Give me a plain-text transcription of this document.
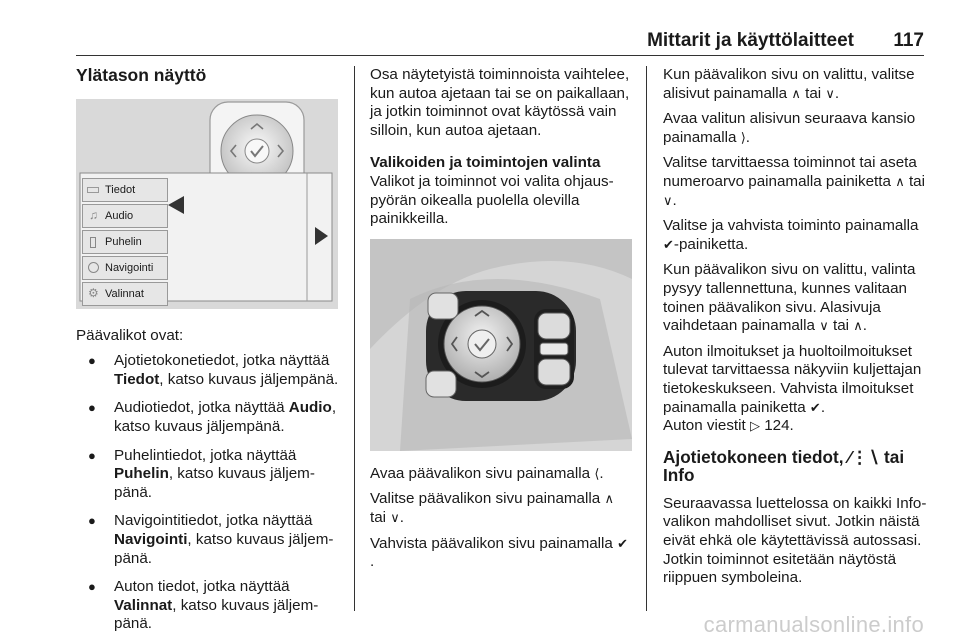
Mittarit ja käyttölaitteet 117
Ylätason näyttö
Tiedot
♫ Audio
Puhelin
Navigointi
⚙ Valinnat

Päävalikot ovat:

● Ajotietokonetiedot, jotka näyttää Tiedot, katso kuvaus jäljempänä.
● Audiotiedot, jotka näyttää Audio, katso kuvaus jäljempänä.
● Puhelintiedot, jotka näyttää Puhelin, katso kuvaus jäljempänä.
● Navigointitiedot, jotka näyttää Navigointi, katso kuvaus jäljempänä.
● Auton tiedot, jotka näyttää Valinnat, katso kuvaus jäljempänä.

Osa näytetyistä toiminnoista vaihtelee, kun autoa ajetaan tai se on paikallaan, ja jotkin toiminnot ovat käytössä vain silloin, kun autoa ajetaan.

Valikoiden ja toimintojen valinta

Valikot ja toiminnot voi valita ohjauspyörän oikealla puolella olevilla painikkeilla.

Avaa päävalikon sivu painamalla ⟨.

Valitse päävalikon sivu painamalla ∧ tai ∨.

Vahvista päävalikon sivu painamalla ✔.

Kun päävalikon sivu on valittu, valitse alisivut painamalla ∧ tai ∨.

Avaa valitun alisivun seuraava kansio painamalla ⟩.

Valitse tarvittaessa toiminnot tai aseta numeroarvo painamalla painiketta ∧ tai ∨.

Valitse ja vahvista toiminto painamalla ✔-painiketta.

Kun päävalikon sivu on valittu, valinta pysyy tallennettuna, kunnes valitaan toinen päävalikon sivu. Alasivuja vaihdetaan painamalla ∨ tai ∧.

Auton ilmoitukset ja huoltoilmoitukset tulevat tarvittaessa näkyviin kuljettajan tietokeskukseen. Vahvista ilmoitukset painamalla painiketta ✔.

Auton viestit ▷ 124.

Ajotietokoneen tiedot, ⁄⋮∖ tai Info

Seuraavassa luettelossa on kaikki Info-valikon mahdolliset sivut. Jotkin näistä eivät ehkä ole käytettävissä autossasi. Jotkin toiminnot esitetään näytöstä riippuen symboleina.

carmanualsonline.info
